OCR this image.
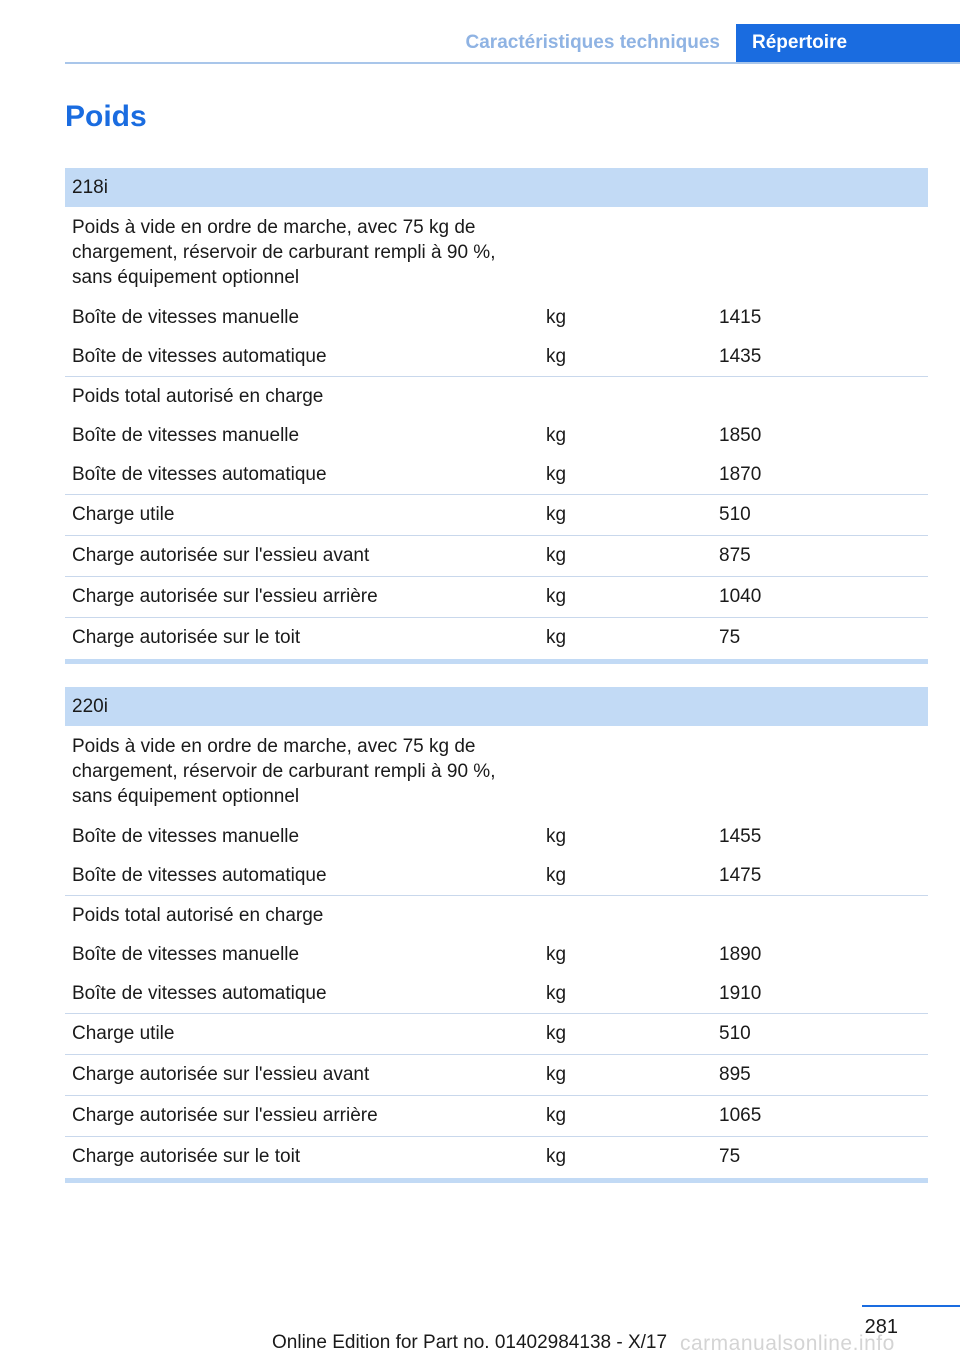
Caractéristiques techniques	Répertoire
Poids
218i
Poids à vide en ordre de marche, avec 75 kg de chargement, réservoir de carburant rempli à 90 %, sans équipement optionnel
Boîte de vitesses manuelle	kg	1415
Boîte de vitesses automatique	kg	1435
Poids total autorisé en charge
Boîte de vitesses manuelle	kg	1850
Boîte de vitesses automatique	kg	1870
Charge utile	kg	510
Charge autorisée sur l'essieu avant	kg	875
Charge autorisée sur l'essieu arrière	kg	1040
Charge autorisée sur le toit	kg	75
220i
Poids à vide en ordre de marche, avec 75 kg de chargement, réservoir de carburant rempli à 90 %, sans équipement optionnel
Boîte de vitesses manuelle	kg	1455
Boîte de vitesses automatique	kg	1475
Poids total autorisé en charge
Boîte de vitesses manuelle	kg	1890
Boîte de vitesses automatique	kg	1910
Charge utile	kg	510
Charge autorisée sur l'essieu avant	kg	895
Charge autorisée sur l'essieu arrière	kg	1065
Charge autorisée sur le toit	kg	75
281
Online Edition for Part no. 01402984138 - X/17 carmanualsonline.info
